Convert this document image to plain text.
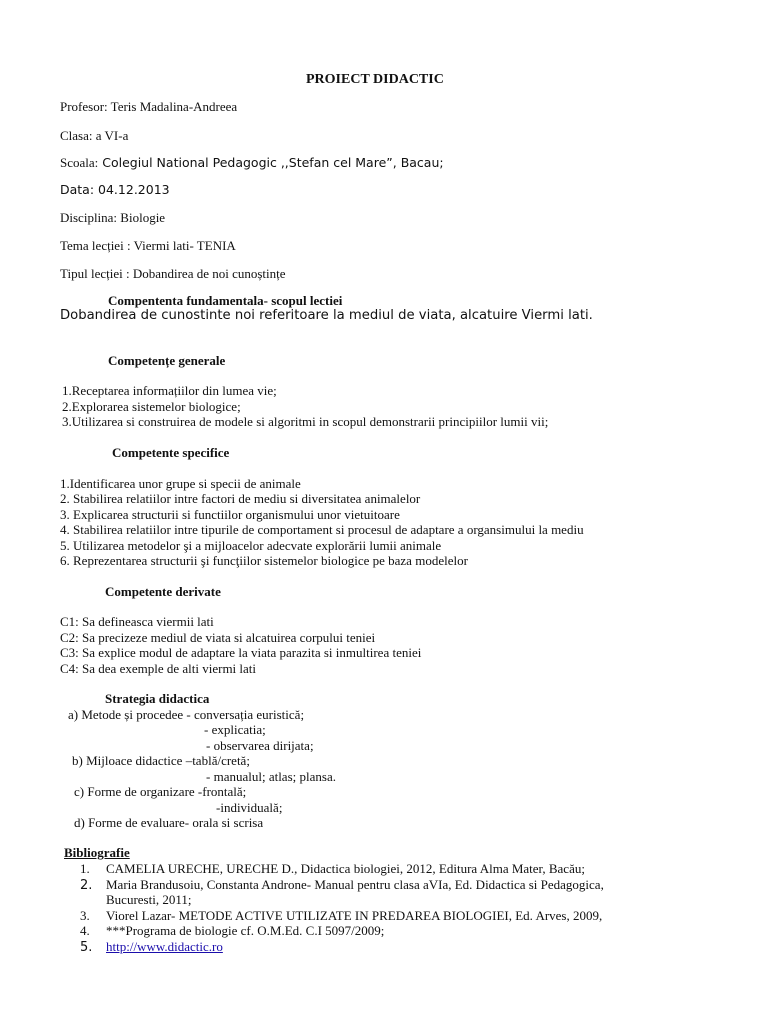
PROIECT DIDACTIC
Profesor: Teris Madalina-Andreea
Clasa: a VI-a
Scoala: Colegiul National Pedagogic ,,Stefan cel Mare”, Bacau;
Data: 04.12.2013
Disciplina: Biologie
Tema lecției : Viermi lati- TENIA
Tipul lecției : Dobandirea de noi cunoștințe
Compententa fundamentala- scopul lectiei
Dobandirea de cunostinte noi referitoare la mediul de viata, alcatuire Viermi lati.
Competențe generale
1.Receptarea informațiilor din lumea vie;
2.Explorarea sistemelor biologice;
3.Utilizarea si construirea de modele si algoritmi in scopul demonstrarii principiilor lumii vii;
Competente specifice
1.Identificarea unor grupe si specii de animale
2. Stabilirea relatiilor intre factori de mediu si diversitatea animalelor
3. Explicarea structurii si functiilor organismului unor vietuitoare
4. Stabilirea relatiilor intre tipurile de comportament si procesul de adaptare a organsimului la mediu
5. Utilizarea metodelor şi a mijloacelor adecvate explorării lumii animale
6. Reprezentarea structurii şi funcţiilor sistemelor biologice pe baza modelelor
Competente derivate
C1: Sa defineasca viermii lati
C2: Sa precizeze mediul de viata si alcatuirea corpului teniei
C3: Sa explice modul de adaptare la viata parazita si inmultirea teniei
C4: Sa dea exemple de alti viermi lati
Strategia didactica
a) Metode și procedee - conversația euristică;
- explicatia;
- observarea dirijata;
b) Mijloace didactice –tablă/cretă;
- manualul; atlas; plansa.
c) Forme de organizare -frontală;
-individuală;
d) Forme de evaluare- orala si scrisa
Bibliografie
1. CAMELIA URECHE, URECHE D., Didactica biologiei, 2012, Editura Alma Mater, Bacău;
2. Maria Brandusoiu, Constanta Androne- Manual pentru clasa aVIa, Ed. Didactica si Pedagogica,
Bucuresti, 2011;
3. Viorel Lazar- METODE ACTIVE UTILIZATE IN PREDAREA BIOLOGIEI, Ed. Arves, 2009,
4. ***Programa de biologie cf. O.M.Ed. C.I 5097/2009;
5. http://www.didactic.ro
